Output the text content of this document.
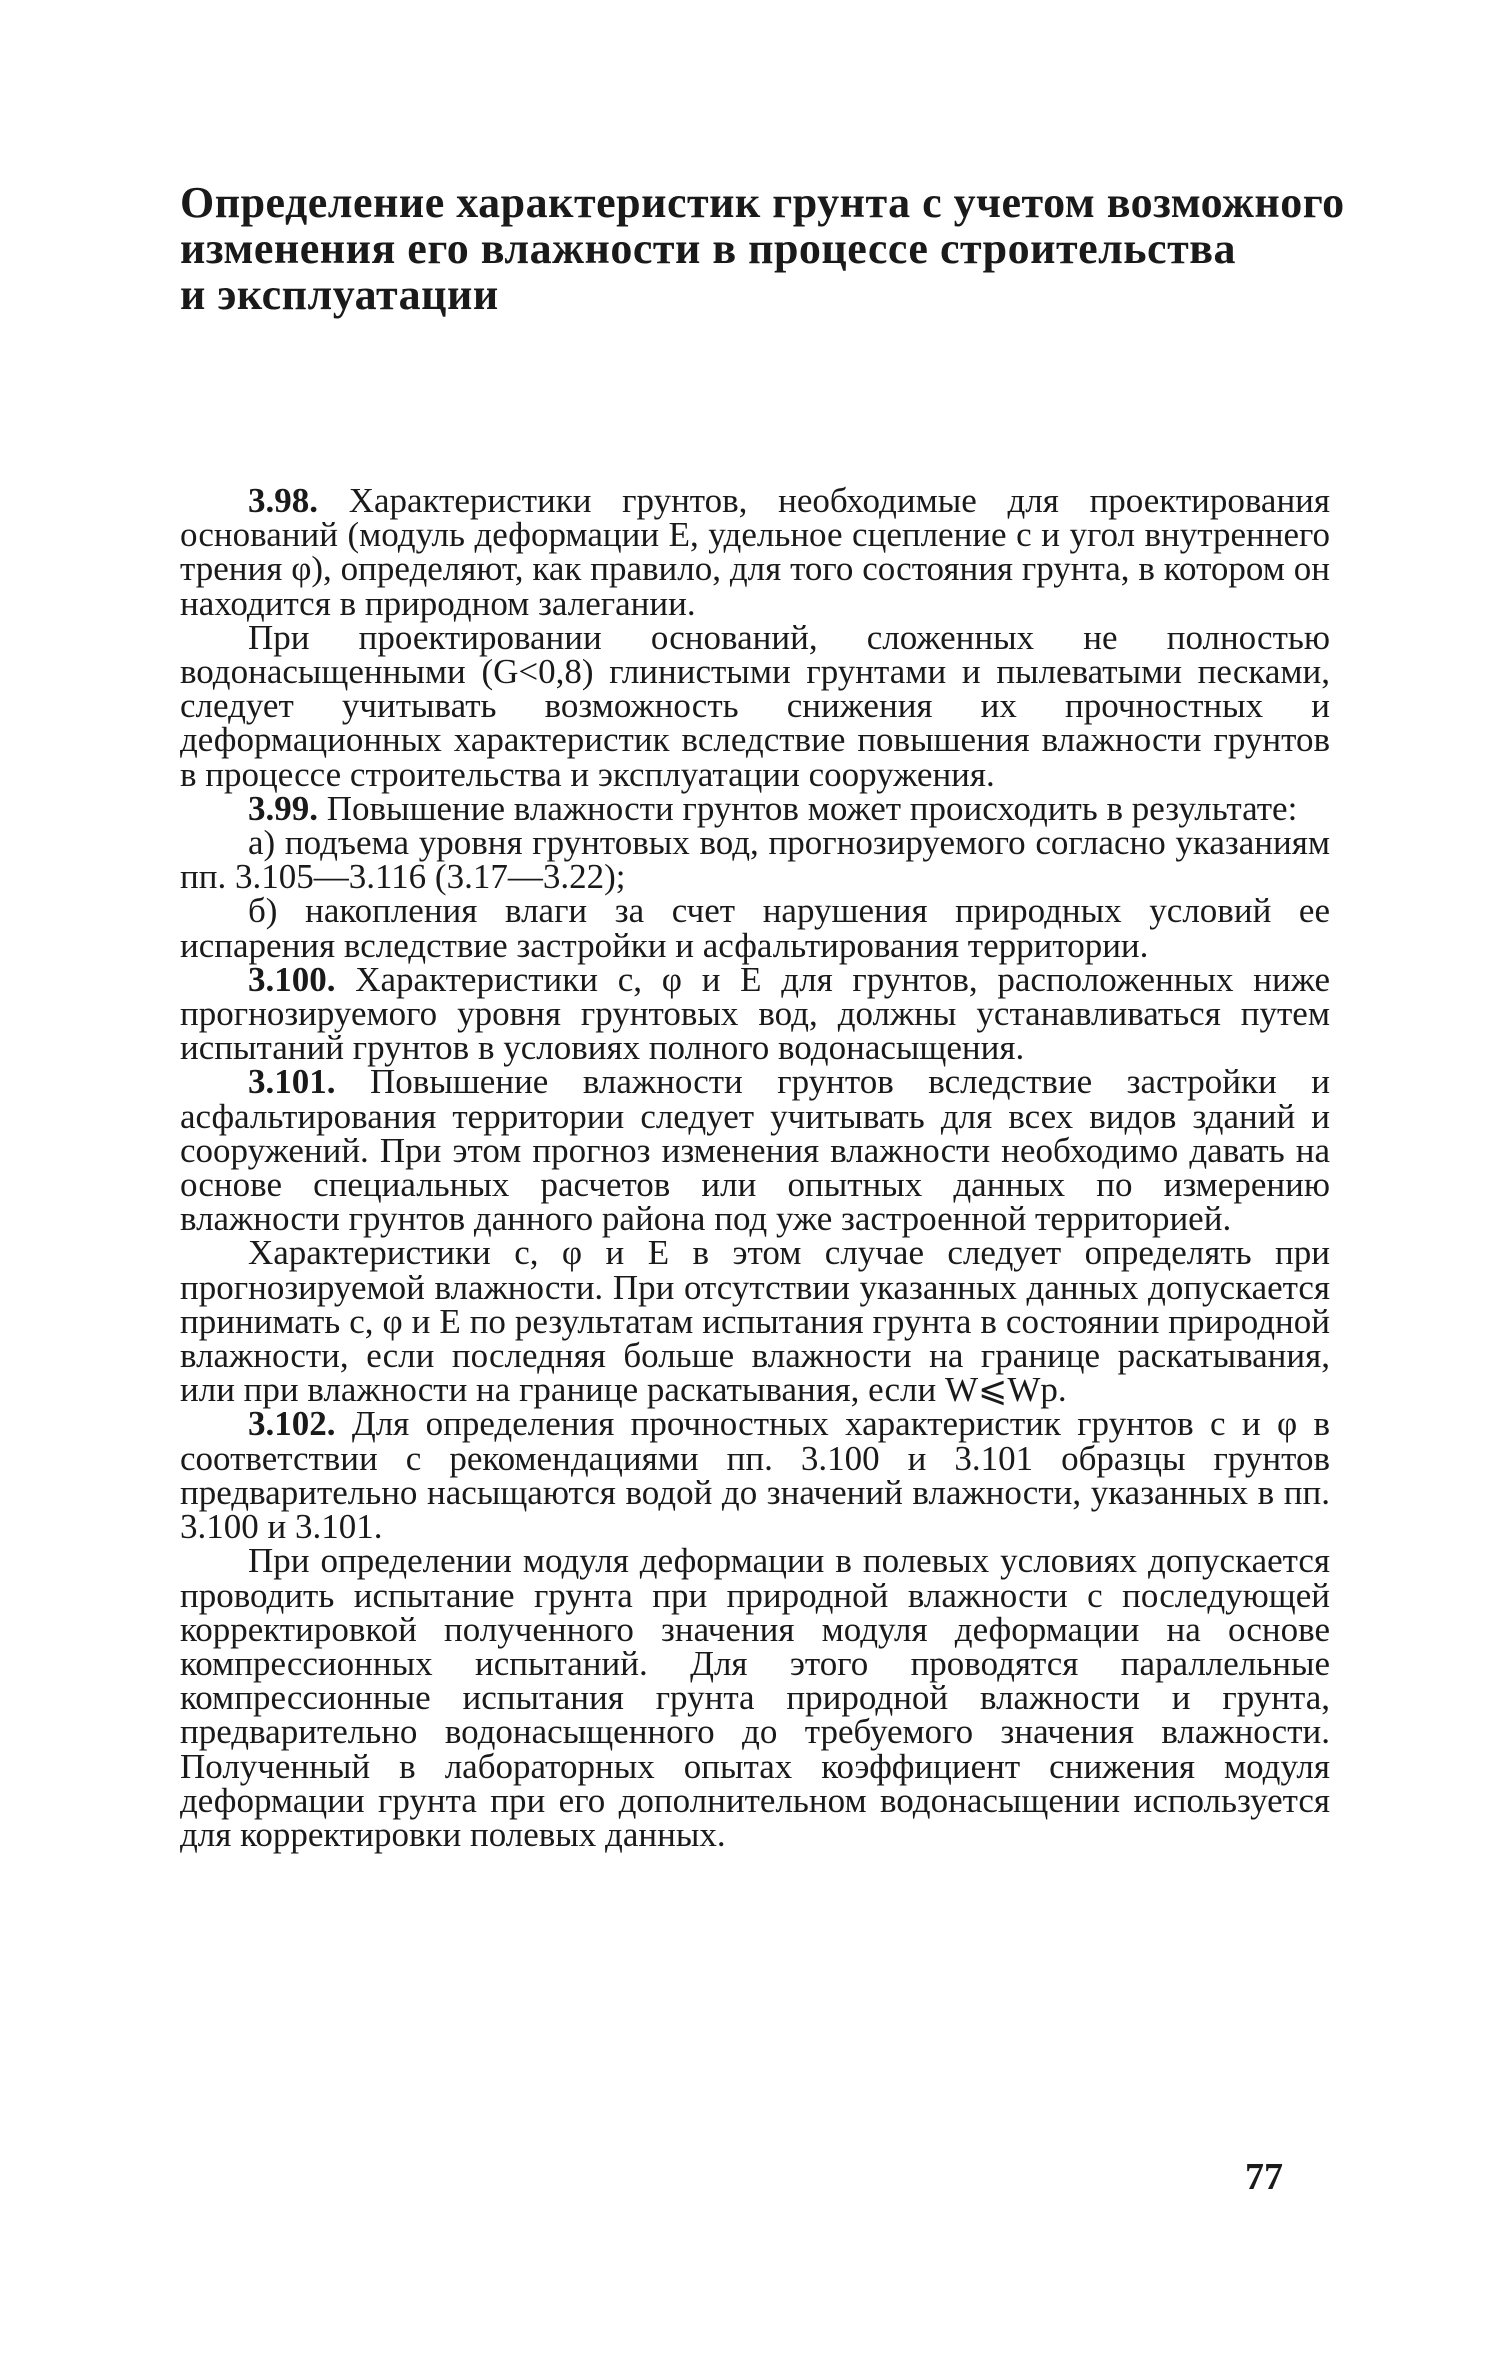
Определение характеристик грунта с учетом возможного
изменения его влажности в процессе строительства
и эксплуатации

3.98. Характеристики грунтов, необходимые для проектирования оснований (модуль деформации E, удельное сцепление c и угол внутреннего трения φ), определяют, как правило, для того состояния грунта, в котором он находится в природном залегании.

При проектировании оснований, сложенных не полностью водонасыщенными (G<0,8) глинистыми грунтами и пылеватыми песками, следует учитывать возможность снижения их прочностных и деформационных характеристик вследствие повышения влажности грунтов в процессе строительства и эксплуатации сооружения.

3.99. Повышение влажности грунтов может происходить в результате:

а) подъема уровня грунтовых вод, прогнозируемого согласно указаниям пп. 3.105—3.116 (3.17—3.22);

б) накопления влаги за счет нарушения природных условий ее испарения вследствие застройки и асфальтирования территории.

3.100. Характеристики c, φ и E для грунтов, расположенных ниже прогнозируемого уровня грунтовых вод, должны устанавливаться путем испытаний грунтов в условиях полного водонасыщения.

3.101. Повышение влажности грунтов вследствие застройки и асфальтирования территории следует учитывать для всех видов зданий и сооружений. При этом прогноз изменения влажности необходимо давать на основе специальных расчетов или опытных данных по измерению влажности грунтов данного района под уже застроенной территорией.

Характеристики c, φ и E в этом случае следует определять при прогнозируемой влажности. При отсутствии указанных данных допускается принимать c, φ и E по результатам испытания грунта в состоянии природной влажности, если последняя больше влажности на границе раскатывания, или при влажности на границе раскатывания, если W⩽Wp.

3.102. Для определения прочностных характеристик грунтов c и φ в соответствии с рекомендациями пп. 3.100 и 3.101 образцы грунтов предварительно насыщаются водой до значений влажности, указанных в пп. 3.100 и 3.101.

При определении модуля деформации в полевых условиях допускается проводить испытание грунта при природной влажности с последующей корректировкой полученного значения модуля деформации на основе компрессионных испытаний. Для этого проводятся параллельные компрессионные испытания грунта природной влажности и грунта, предварительно водонасыщенного до требуемого значения влажности. Полученный в лабораторных опытах коэффициент снижения модуля деформации грунта при его дополнительном водонасыщении используется для корректировки полевых данных.

77
